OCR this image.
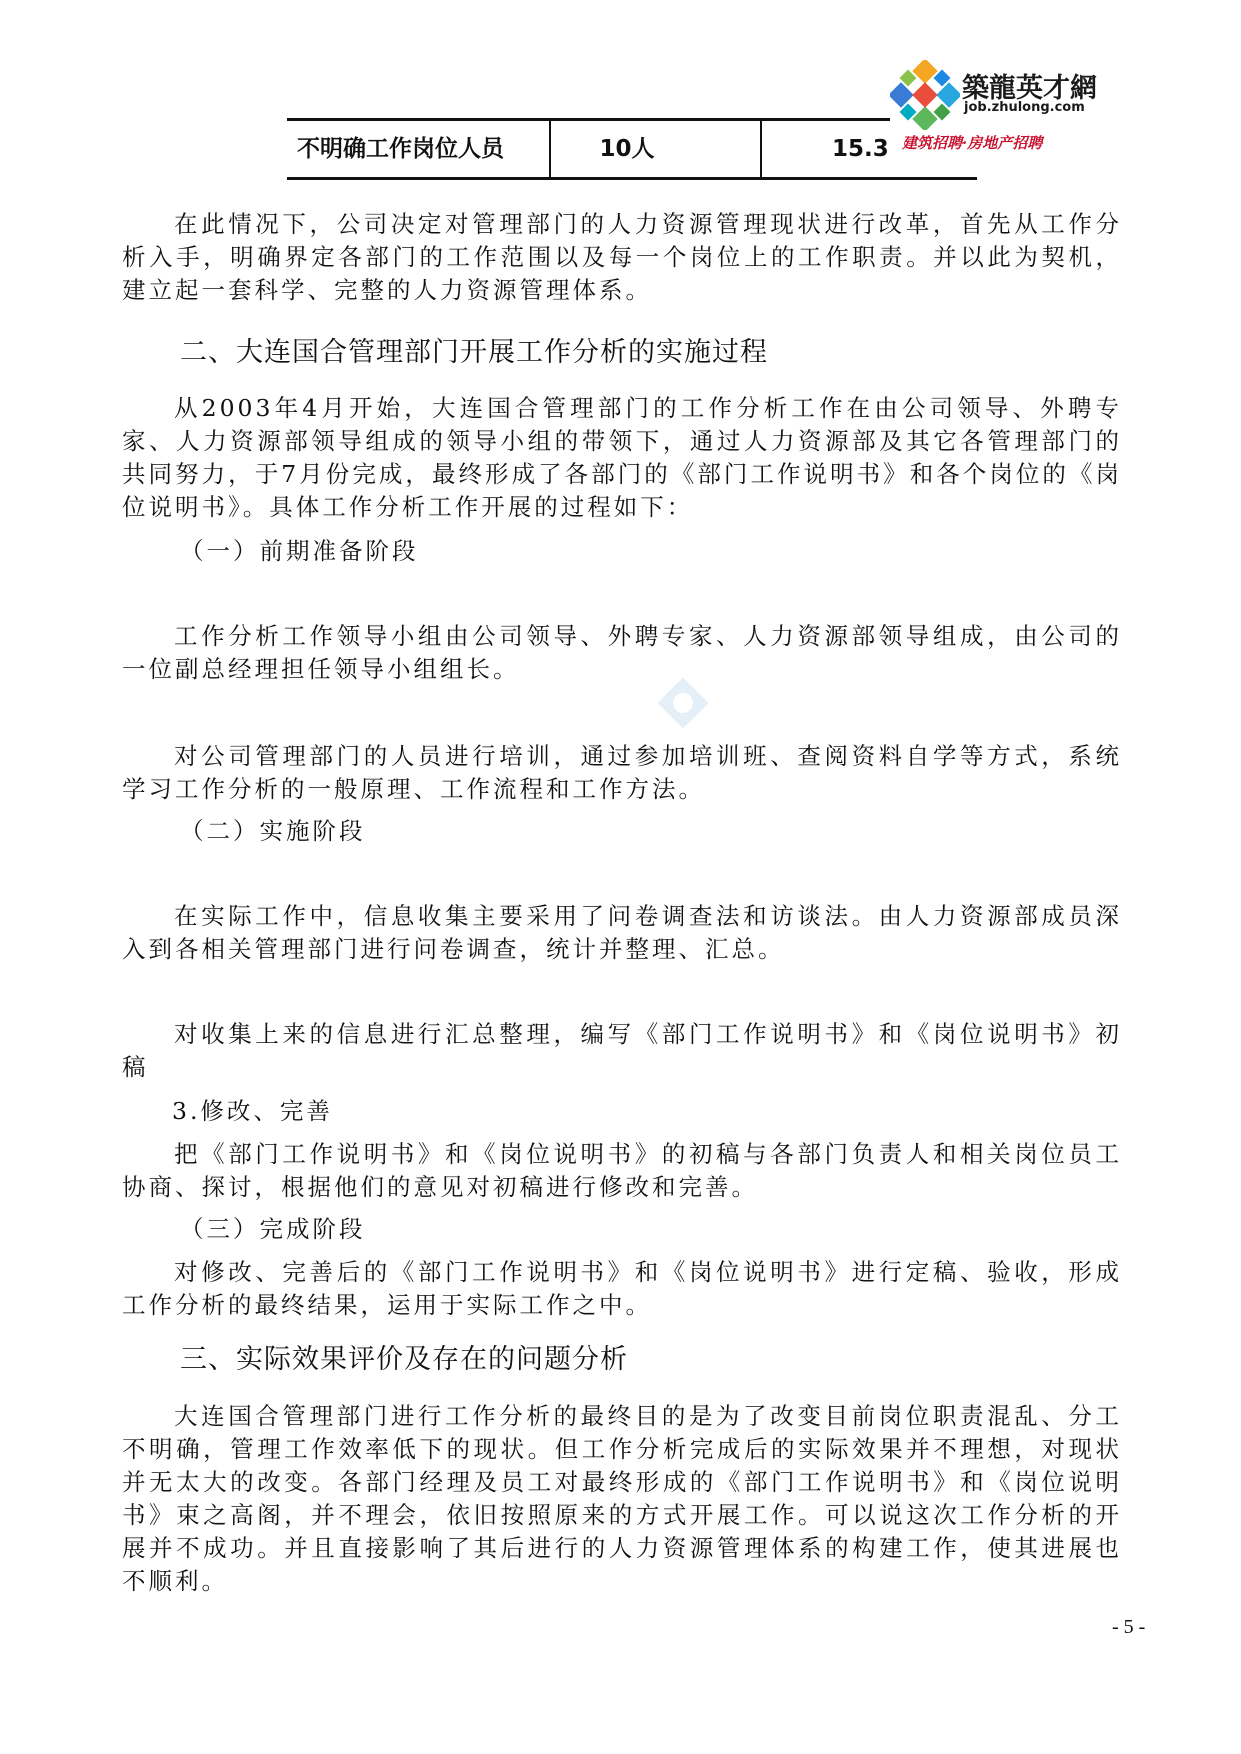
不明确工作岗位人员	10人	15.3
築龍英才網
job.zhulong.com
建筑招聘·房地产招聘
在此情况下，公司决定对管理部门的人力资源管理现状进行改革，首先从工作分析入手，明确界定各部门的工作范围以及每一个岗位上的工作职责。并以此为契机，建立起一套科学、完整的人力资源管理体系。
二、大连国合管理部门开展工作分析的实施过程
从2003年4月开始，大连国合管理部门的工作分析工作在由公司领导、外聘专家、人力资源部领导组成的领导小组的带领下，通过人力资源部及其它各管理部门的共同努力，于7月份完成，最终形成了各部门的《部门工作说明书》和各个岗位的《岗位说明书》。具体工作分析工作开展的过程如下：
（一）前期准备阶段
工作分析工作领导小组由公司领导、外聘专家、人力资源部领导组成，由公司的一位副总经理担任领导小组组长。
对公司管理部门的人员进行培训，通过参加培训班、查阅资料自学等方式，系统学习工作分析的一般原理、工作流程和工作方法。
（二）实施阶段
在实际工作中，信息收集主要采用了问卷调查法和访谈法。由人力资源部成员深入到各相关管理部门进行问卷调查，统计并整理、汇总。
对收集上来的信息进行汇总整理，编写《部门工作说明书》和《岗位说明书》初稿
3.修改、完善
把《部门工作说明书》和《岗位说明书》的初稿与各部门负责人和相关岗位员工协商、探讨，根据他们的意见对初稿进行修改和完善。
（三）完成阶段
对修改、完善后的《部门工作说明书》和《岗位说明书》进行定稿、验收，形成工作分析的最终结果，运用于实际工作之中。
三、实际效果评价及存在的问题分析
大连国合管理部门进行工作分析的最终目的是为了改变目前岗位职责混乱、分工不明确，管理工作效率低下的现状。但工作分析完成后的实际效果并不理想，对现状并无太大的改变。各部门经理及员工对最终形成的《部门工作说明书》和《岗位说明书》束之高阁，并不理会，依旧按照原来的方式开展工作。可以说这次工作分析的开展并不成功。并且直接影响了其后进行的人力资源管理体系的构建工作，使其进展也不顺利。
- 5 -
